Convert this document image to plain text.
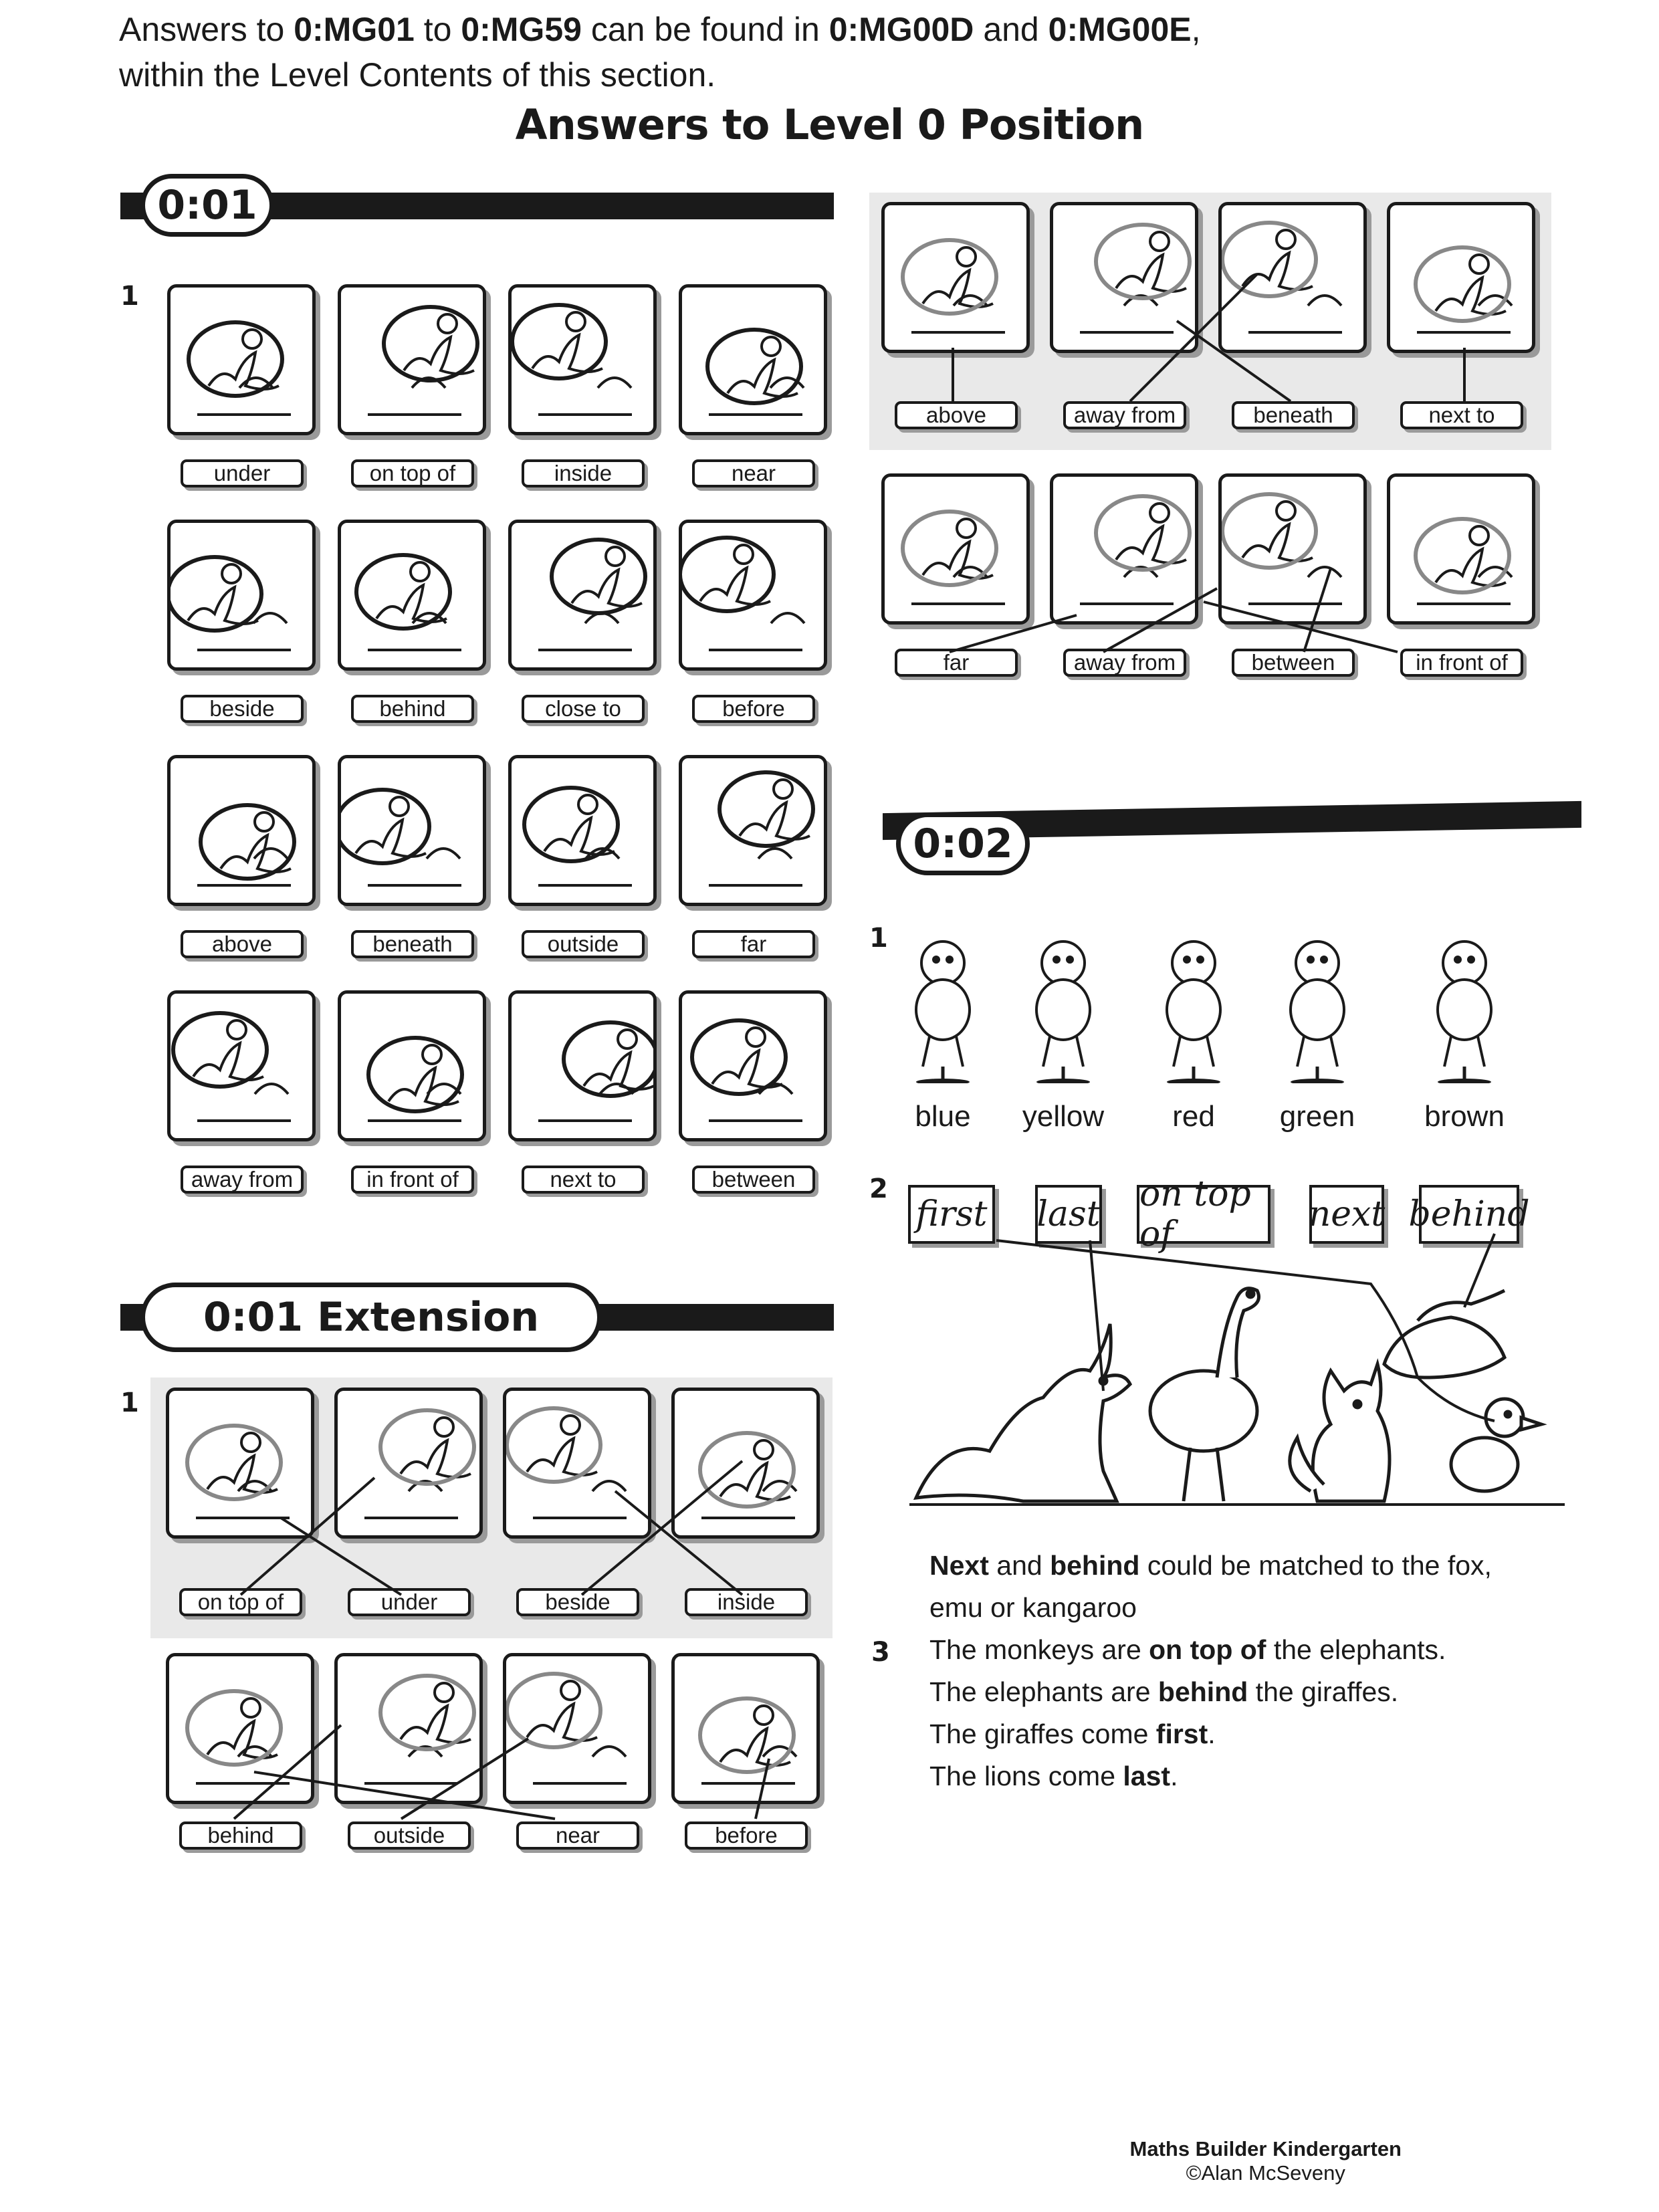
Answers to 0:MG01 to 0:MG59 can be found in 0:MG00D and 0:MG00E,
within the Level Contents of this section.
Answers to Level 0 Position
0:01
1
under	on top of	inside	near
beside	behind	close to	before
above	beneath	outside	far
away from	in front of	next to	between
above	away from	beneath	next to
far	away from	between	in front of
0:01 Extension
1
on top of	under	beside	inside
behind	outside	near	before
0:02
1
blue	yellow	red	green	brown
2
first last on top of	next behind
Next and behind could be matched to the fox,
emu or kangaroo
3 The monkeys are on top of the elephants.
The elephants are behind the giraffes.
The giraffes come first.
The lions come last.
Maths Builder Kindergarten
©Alan McSeveny
